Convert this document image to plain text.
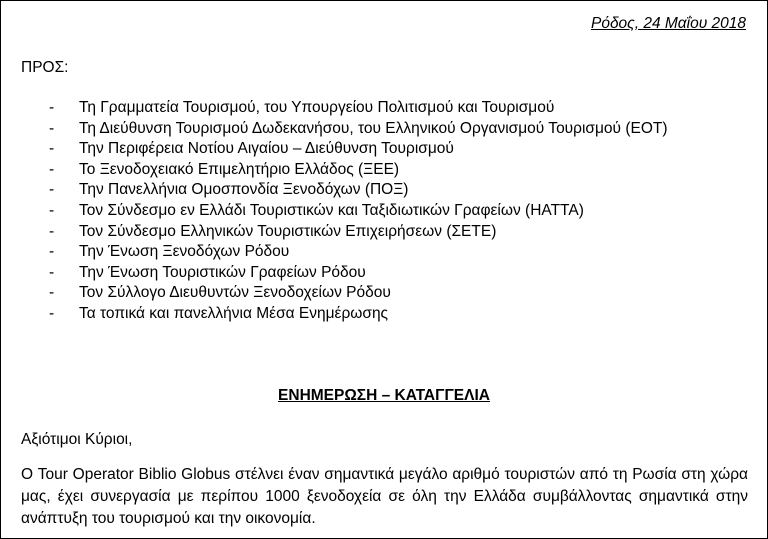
Ρόδος, 24 Μαΐου 2018
ΠΡΟΣ:
- Τη Γραμματεία Τουρισμού, του Υπουργείου Πολιτισμού και Τουρισμού
- Τη Διεύθυνση Τουρισμού Δωδεκανήσου, του Ελληνικού Οργανισμού Τουρισμού (ΕΟΤ)
- Την Περιφέρεια Νοτίου Αιγαίου – Διεύθυνση Τουρισμού
- Το Ξενοδοχειακό Επιμελητήριο Ελλάδος (ΞΕΕ)
- Την Πανελλήνια Ομοσπονδία Ξενοδόχων (ΠΟΞ)
- Τον Σύνδεσμο εν Ελλάδι Τουριστικών και Ταξιδιωτικών Γραφείων (ΗΑΤΤΑ)
- Τον Σύνδεσμο Ελληνικών Τουριστικών Επιχειρήσεων (ΣΕΤΕ)
- Την Ένωση Ξενοδόχων Ρόδου
- Την Ένωση Τουριστικών Γραφείων Ρόδου
- Τον Σύλλογο Διευθυντών Ξενοδοχείων Ρόδου
- Τα τοπικά και πανελλήνια Μέσα Ενημέρωσης
ΕΝΗΜΕΡΩΣΗ – ΚΑΤΑΓΓΕΛΙΑ
Αξιότιμοι Κύριοι,

Ο Tour Operator Biblio Globus στέλνει έναν σημαντικά μεγάλο αριθμό τουριστών από τη Ρωσία στη χώρα μας, έχει συνεργασία με περίπου 1000 ξενοδοχεία σε όλη την Ελλάδα συμβάλλοντας σημαντικά στην ανάπτυξη του τουρισμού και την οικονομία.
